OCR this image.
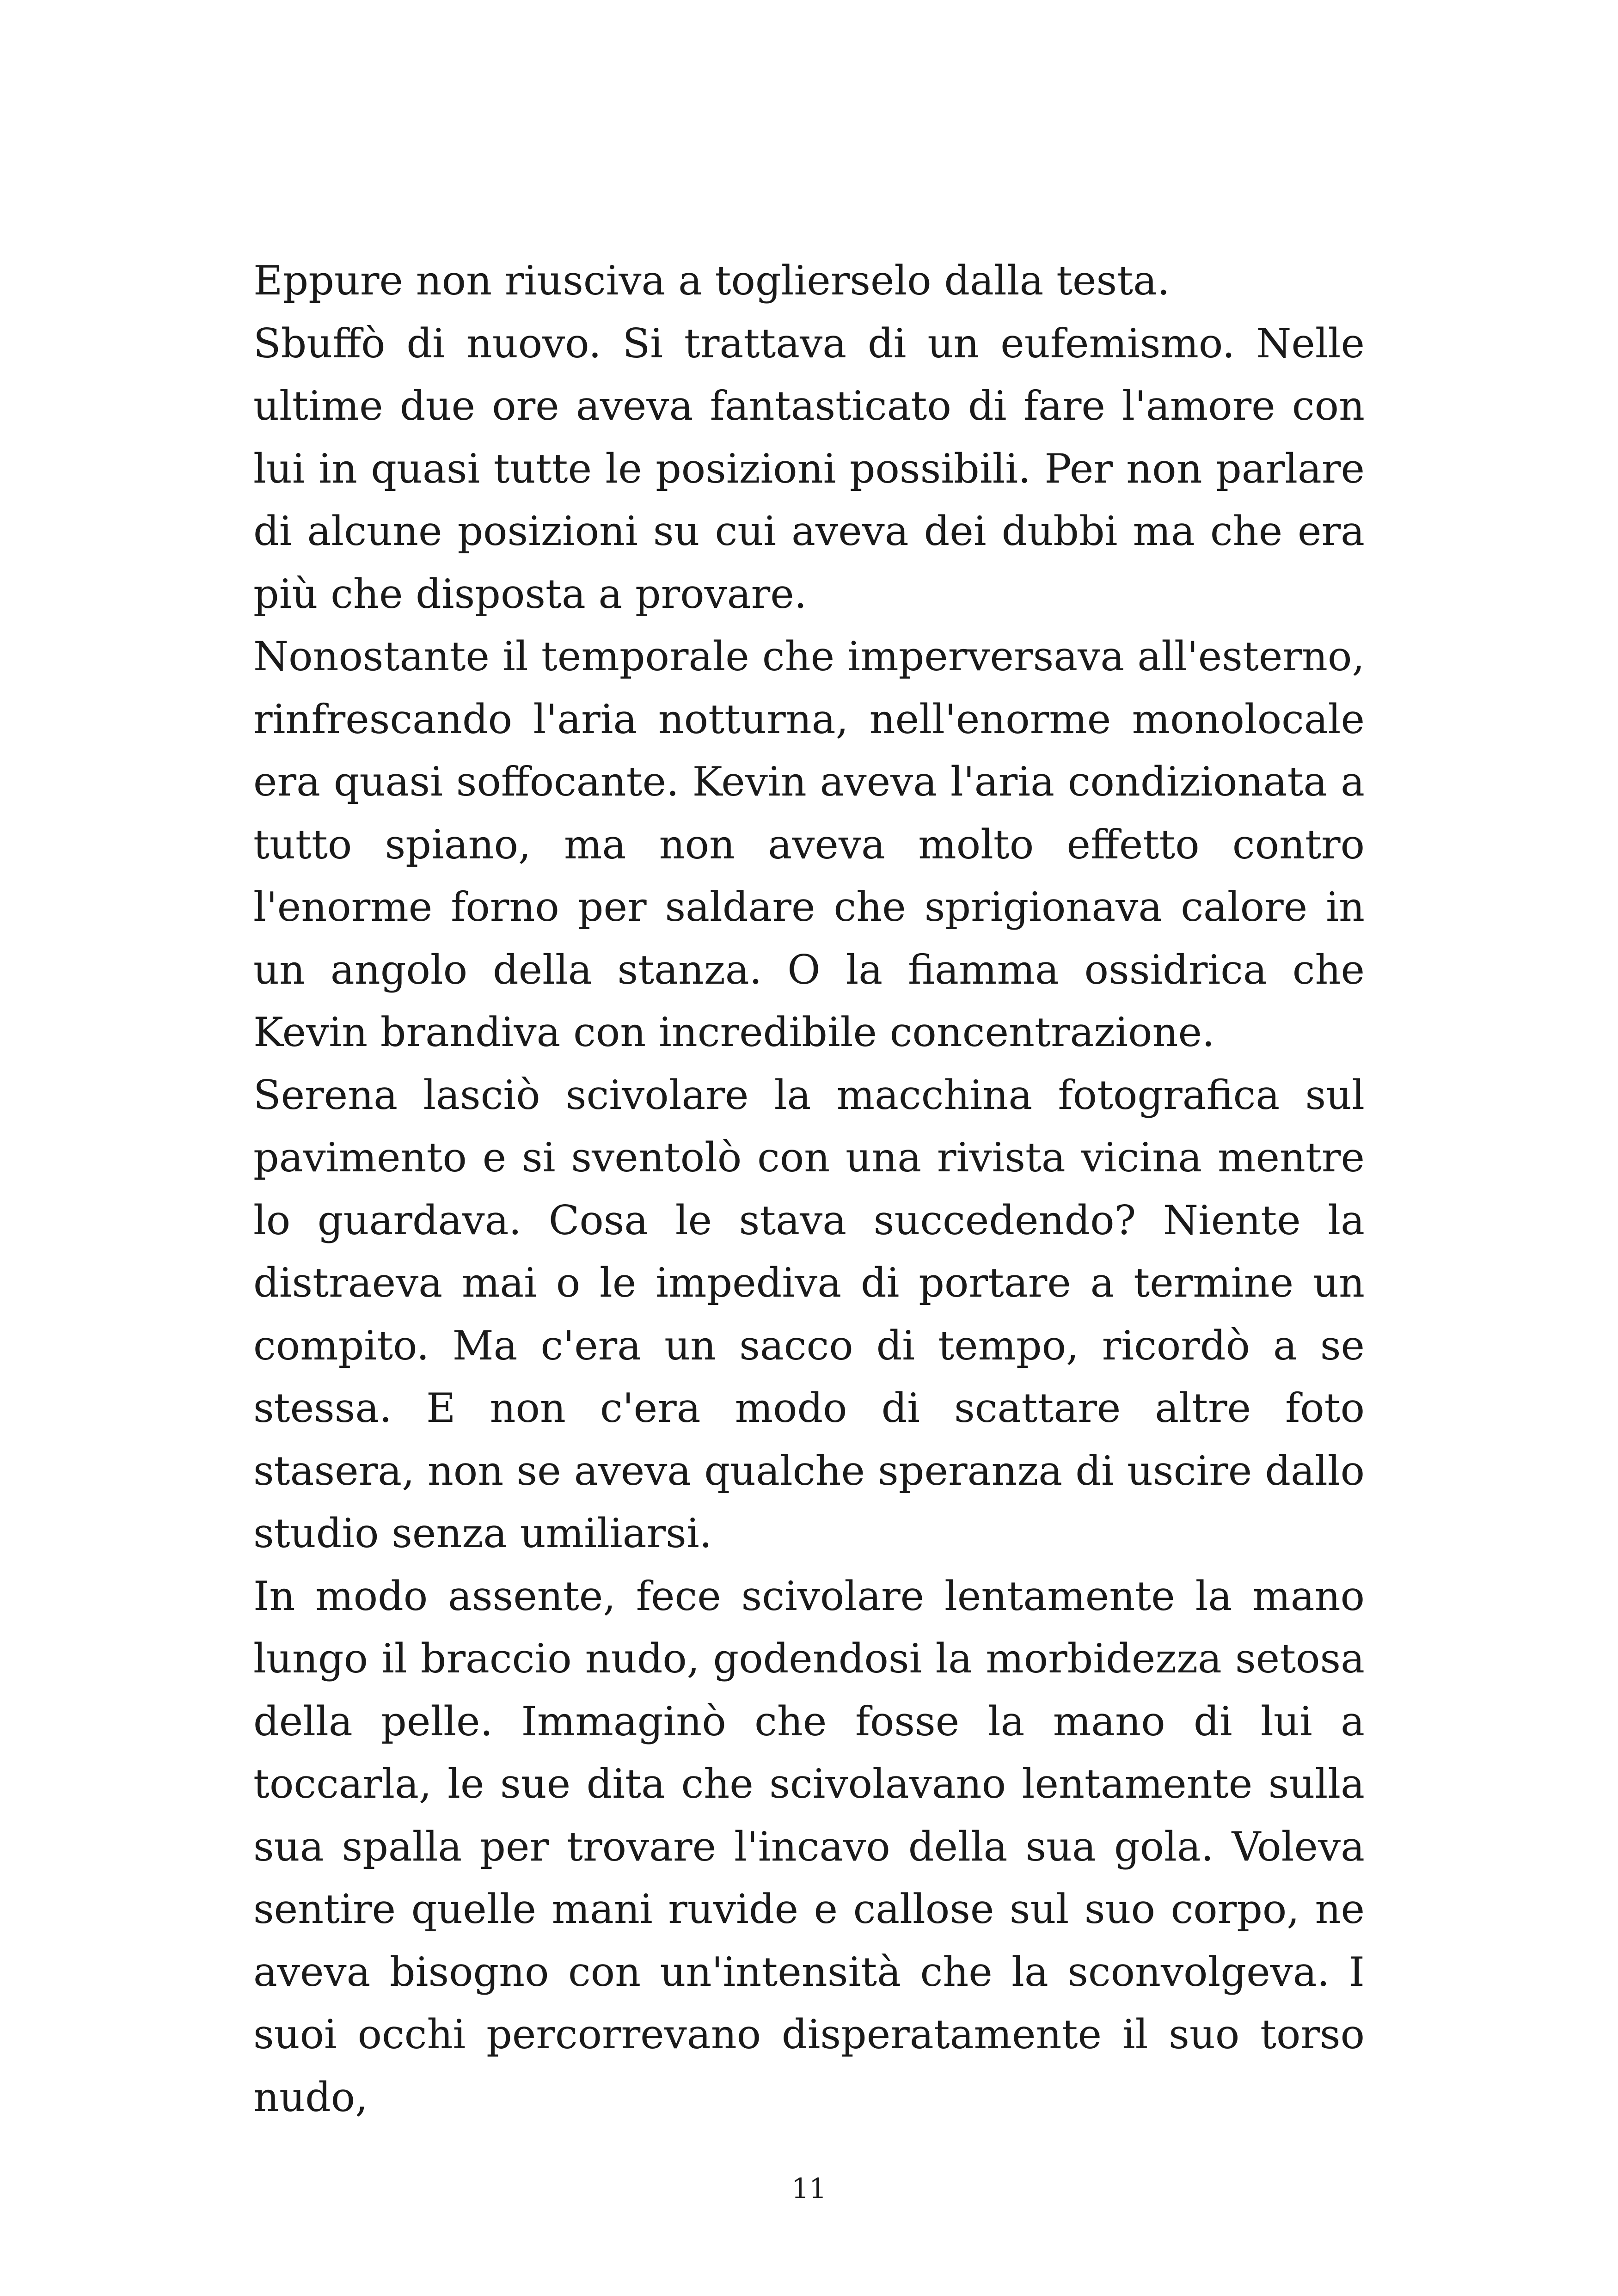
Eppure non riusciva a toglierselo dalla testa.

Sbuffò di nuovo. Si trattava di un eufemismo. Nelle ultime due ore aveva fantasticato di fare l'amore con lui in quasi tutte le posizioni possibili. Per non parlare di alcune posizioni su cui aveva dei dubbi ma che era più che disposta a provare.

Nonostante il temporale che imperversava all'esterno, rinfrescando l'aria notturna, nell'enorme monolocale era quasi soffocante. Kevin aveva l'aria condizionata a tutto spiano, ma non aveva molto effetto contro l'enorme forno per saldare che sprigionava calore in un angolo della stanza. O la fiamma ossidrica che Kevin brandiva con incredibile concentrazione.

Serena lasciò scivolare la macchina fotografica sul pavimento e si sventolò con una rivista vicina mentre lo guardava. Cosa le stava succedendo? Niente la distraeva mai o le impediva di portare a termine un compito. Ma c'era un sacco di tempo, ricordò a se stessa. E non c'era modo di scattare altre foto stasera, non se aveva qualche speranza di uscire dallo studio senza umiliarsi.

In modo assente, fece scivolare lentamente la mano lungo il braccio nudo, godendosi la morbidezza setosa della pelle. Immaginò che fosse la mano di lui a toccarla, le sue dita che scivolavano lentamente sulla sua spalla per trovare l'incavo della sua gola. Voleva sentire quelle mani ruvide e callose sul suo corpo, ne aveva bisogno con un'intensità che la sconvolgeva. I suoi occhi percorrevano disperatamente il suo torso nudo,

11
